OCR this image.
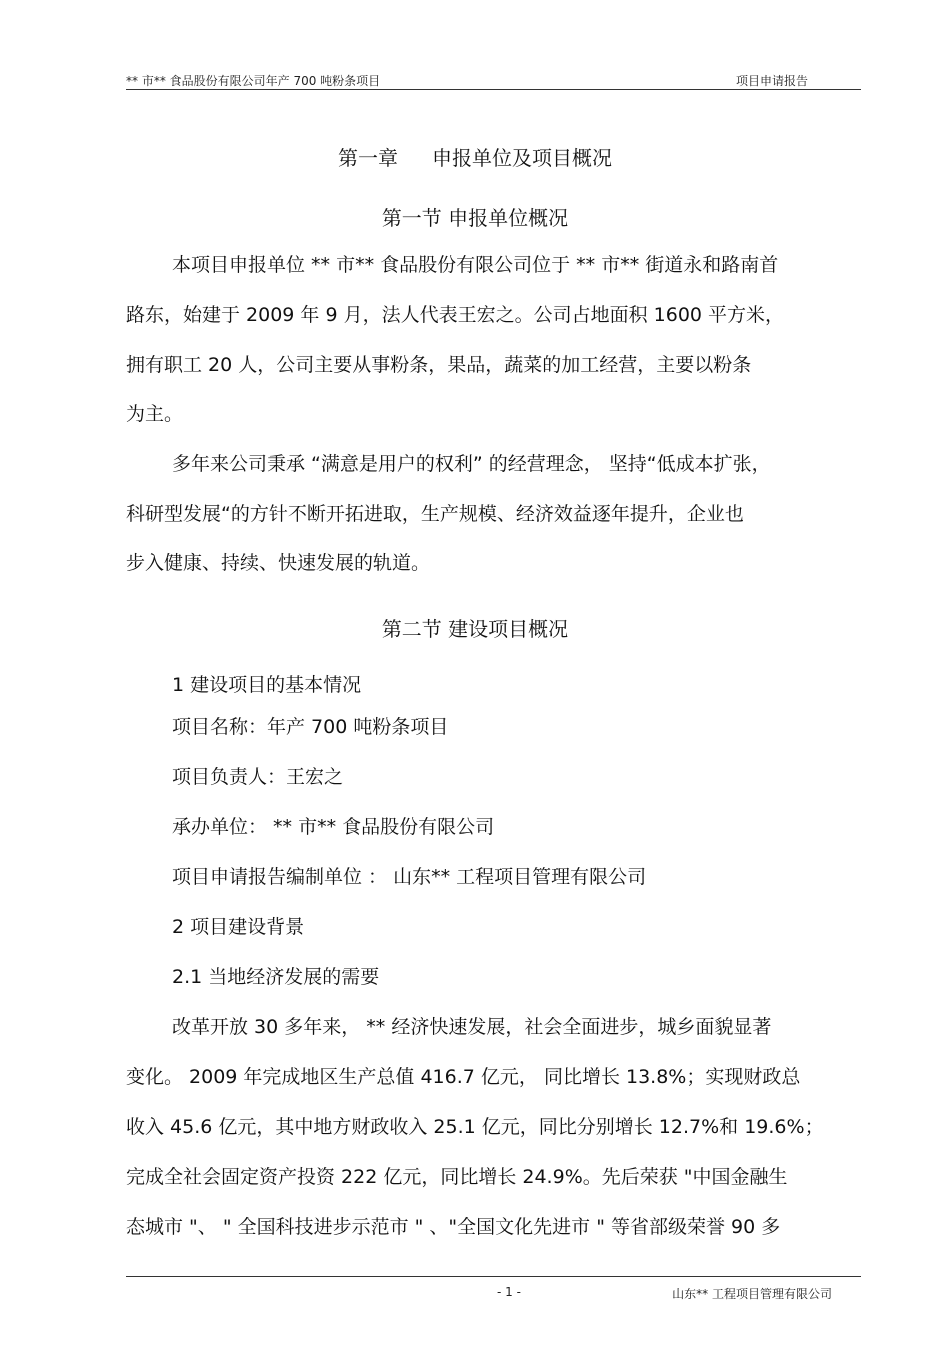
** 市** 食品股份有限公司年产 700 吨粉条项目	项目申请报告
第一章 申报单位及项目概况
第一节 申报单位概况
本项目申报单位 ** 市** 食品股份有限公司位于 ** 市** 街道永和路南首
路东，始建于 2009 年 9 月，法人代表王宏之。公司占地面积 1600 平方米，
拥有职工 20 人，公司主要从事粉条，果品，蔬菜的加工经营，主要以粉条
为主。
多年来公司秉承 “满意是用户的权利” 的经营理念， 坚持“低成本扩张，
科研型发展“的方针不断开拓进取，生产规模、经济效益逐年提升，企业也
步入健康、持续、快速发展的轨道。
第二节 建设项目概况
1 建设项目的基本情况
项目名称：年产 700 吨粉条项目
项目负责人：王宏之
承办单位： ** 市** 食品股份有限公司
项目申请报告编制单位 ： 山东** 工程项目管理有限公司
2 项目建设背景
2.1 当地经济发展的需要
改革开放 30 多年来， ** 经济快速发展，社会全面进步，城乡面貌显著
变化。 2009 年完成地区生产总值 416.7 亿元， 同比增长 13.8%；实现财政总
收入 45.6 亿元，其中地方财政收入 25.1 亿元，同比分别增长 12.7%和 19.6%；
完成全社会固定资产投资 222 亿元，同比增长 24.9%。先后荣获 "中国金融生
态城市 "、 " 全国科技进步示范市 " 、"全国文化先进市 " 等省部级荣誉 90 多
- 1 -	山东** 工程项目管理有限公司
